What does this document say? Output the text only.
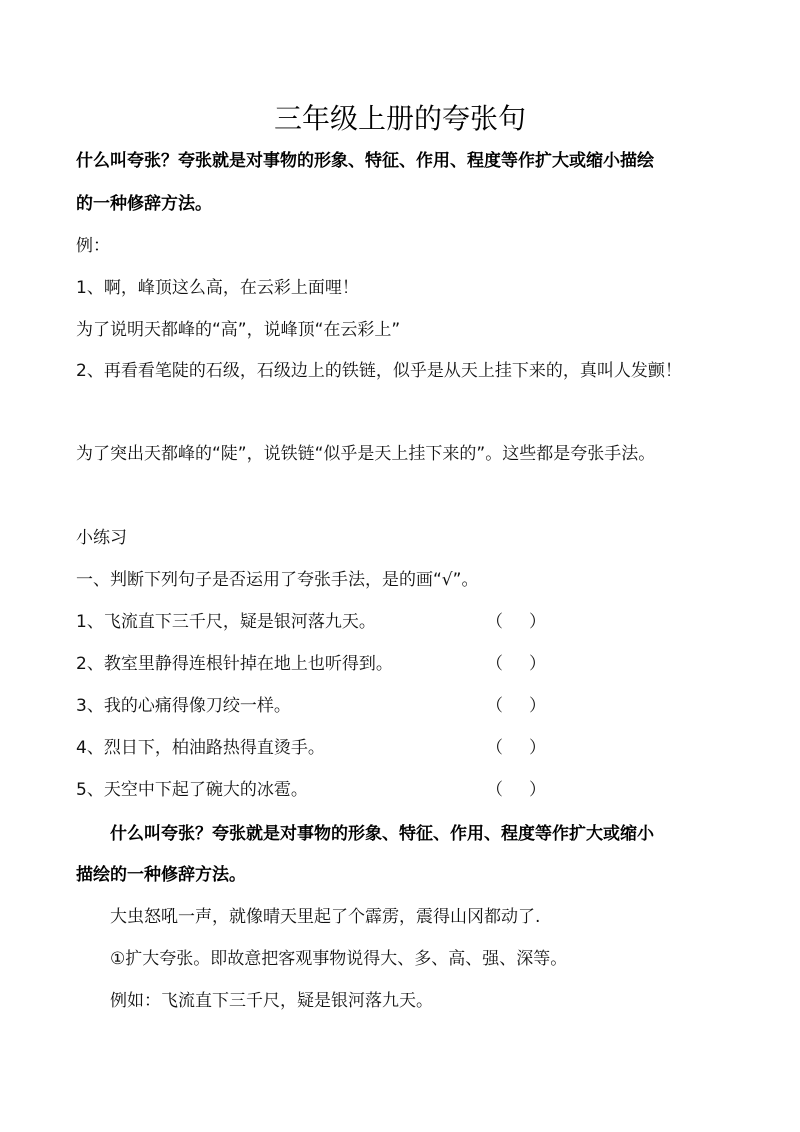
三年级上册的夸张句
什么叫夸张？夸张就是对事物的形象、特征、作用、程度等作扩大或缩小描绘
的一种修辞方法。
例：
1、啊，峰顶这么高，在云彩上面哩！
为了说明天都峰的“高”，说峰顶“在云彩上”
2、再看看笔陡的石级，石级边上的铁链，似乎是从天上挂下来的，真叫人发颤！
为了突出天都峰的“陡”，说铁链“似乎是天上挂下来的”。这些都是夸张手法。
小练习
一、判断下列句子是否运用了夸张手法，是的画“√”。
1、飞流直下三千尺，疑是银河落九天。	（ ）
2、教室里静得连根针掉在地上也听得到。	（ ）
3、我的心痛得像刀绞一样。	（ ）
4、烈日下，柏油路热得直烫手。	（ ）
5、天空中下起了碗大的冰雹。	（ ）
什么叫夸张？夸张就是对事物的形象、特征、作用、程度等作扩大或缩小
描绘的一种修辞方法。
大虫怒吼一声，就像晴天里起了个霹雳，震得山冈都动了.
①扩大夸张。即故意把客观事物说得大、多、高、强、深等。
例如：飞流直下三千尺，疑是银河落九天。
